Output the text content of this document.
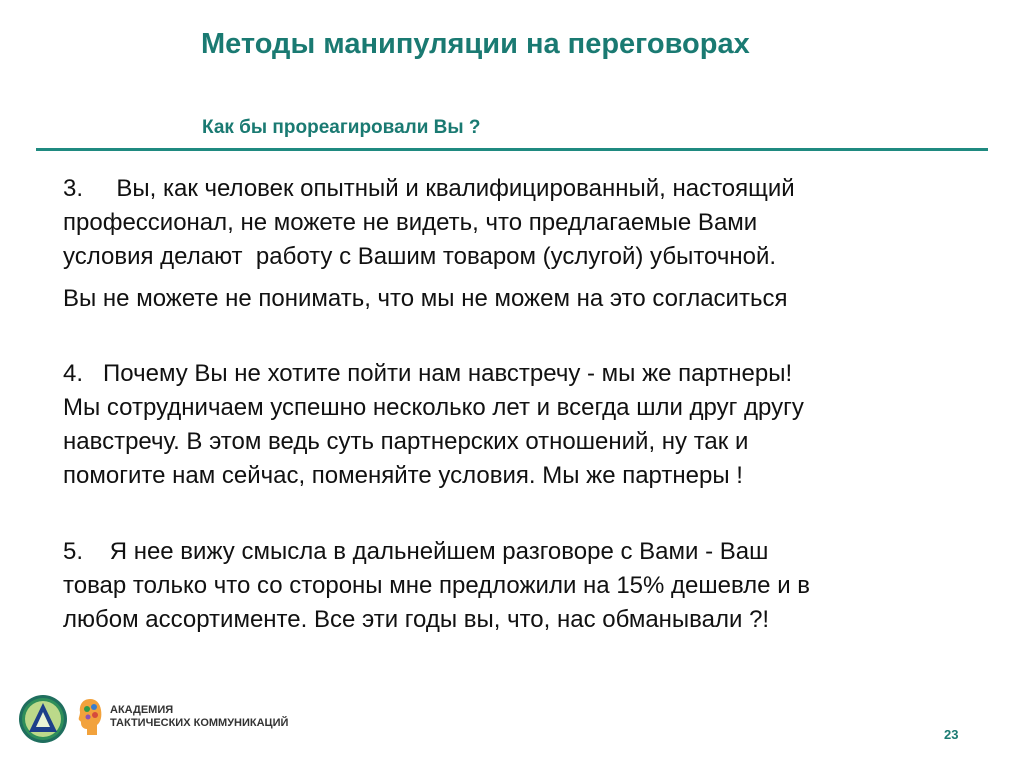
Методы манипуляции на переговорах
Как бы прореагировали Вы ?

3.     Вы, как человек опытный и квалифицированный, настоящий
профессионал, не можете не видеть, что предлагаемые Вами
условия делают  работу с Вашим товаром (услугой) убыточной.

Вы не можете не понимать, что мы не можем на это согласиться

4.   Почему Вы не хотите пойти нам навстречу - мы же партнеры!
Мы сотрудничаем успешно несколько лет и всегда шли друг другу
навстречу. В этом ведь суть партнерских отношений, ну так и
помогите нам сейчас, поменяйте условия. Мы же партнеры !

5.    Я нее вижу смысла в дальнейшем разговоре с Вами - Ваш
товар только что со стороны мне предложили на 15% дешевле и в
любом ассортименте. Все эти годы вы, что, нас обманывали ?!

АКАДЕМИЯ
ТАКТИЧЕСКИХ КОММУНИКАЦИЙ
23
